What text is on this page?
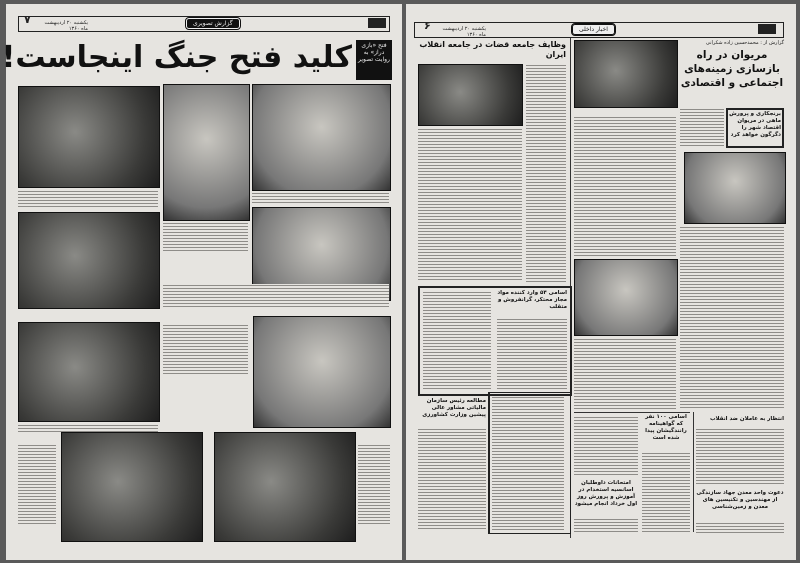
۷	یکشنبه ۲۰ اردیبهشت ماه ۱۳۶۰
گزارش تصویری
کلید فتح جنگ اینجاست!	فتح «بازی دراز» به روایت تصویر
۶	یکشنبه ۲۰ اردیبهشت ماه ۱۳۶۰
اخبار داخلی
وظایف جامعه قضات در جامعه انقلاب ایران
گزارش از : محمدحسین زاده شکرانی
مریوان در راه بازسازی زمینه‌های اجتماعی و اقتصادی
برنجکاری و پرورش ماهی در مریوان اقتصاد شهر را دگرگون خواهد کرد
اسامی ۵۴ وارد کننده مواد مجاز محتکر، گرانفروش و متقلب
مطالعه رئیس سازمان مالیاتی مشاور عالی پیشین وزارت کشاورزی
امتحانات داوطلبان اسانسیه استخدام در آموزش و پرورش روز اول خرداد انجام میشود
اسامی ۱۰۰ نفر که گواهینامه رانندگیشان پیدا شده است
انتظار به عاملان ضد انقلاب
دعوت واحد معدن جهاد سازندگی از مهندسین و تکنیسین های معدن و زمین‌شناسی
